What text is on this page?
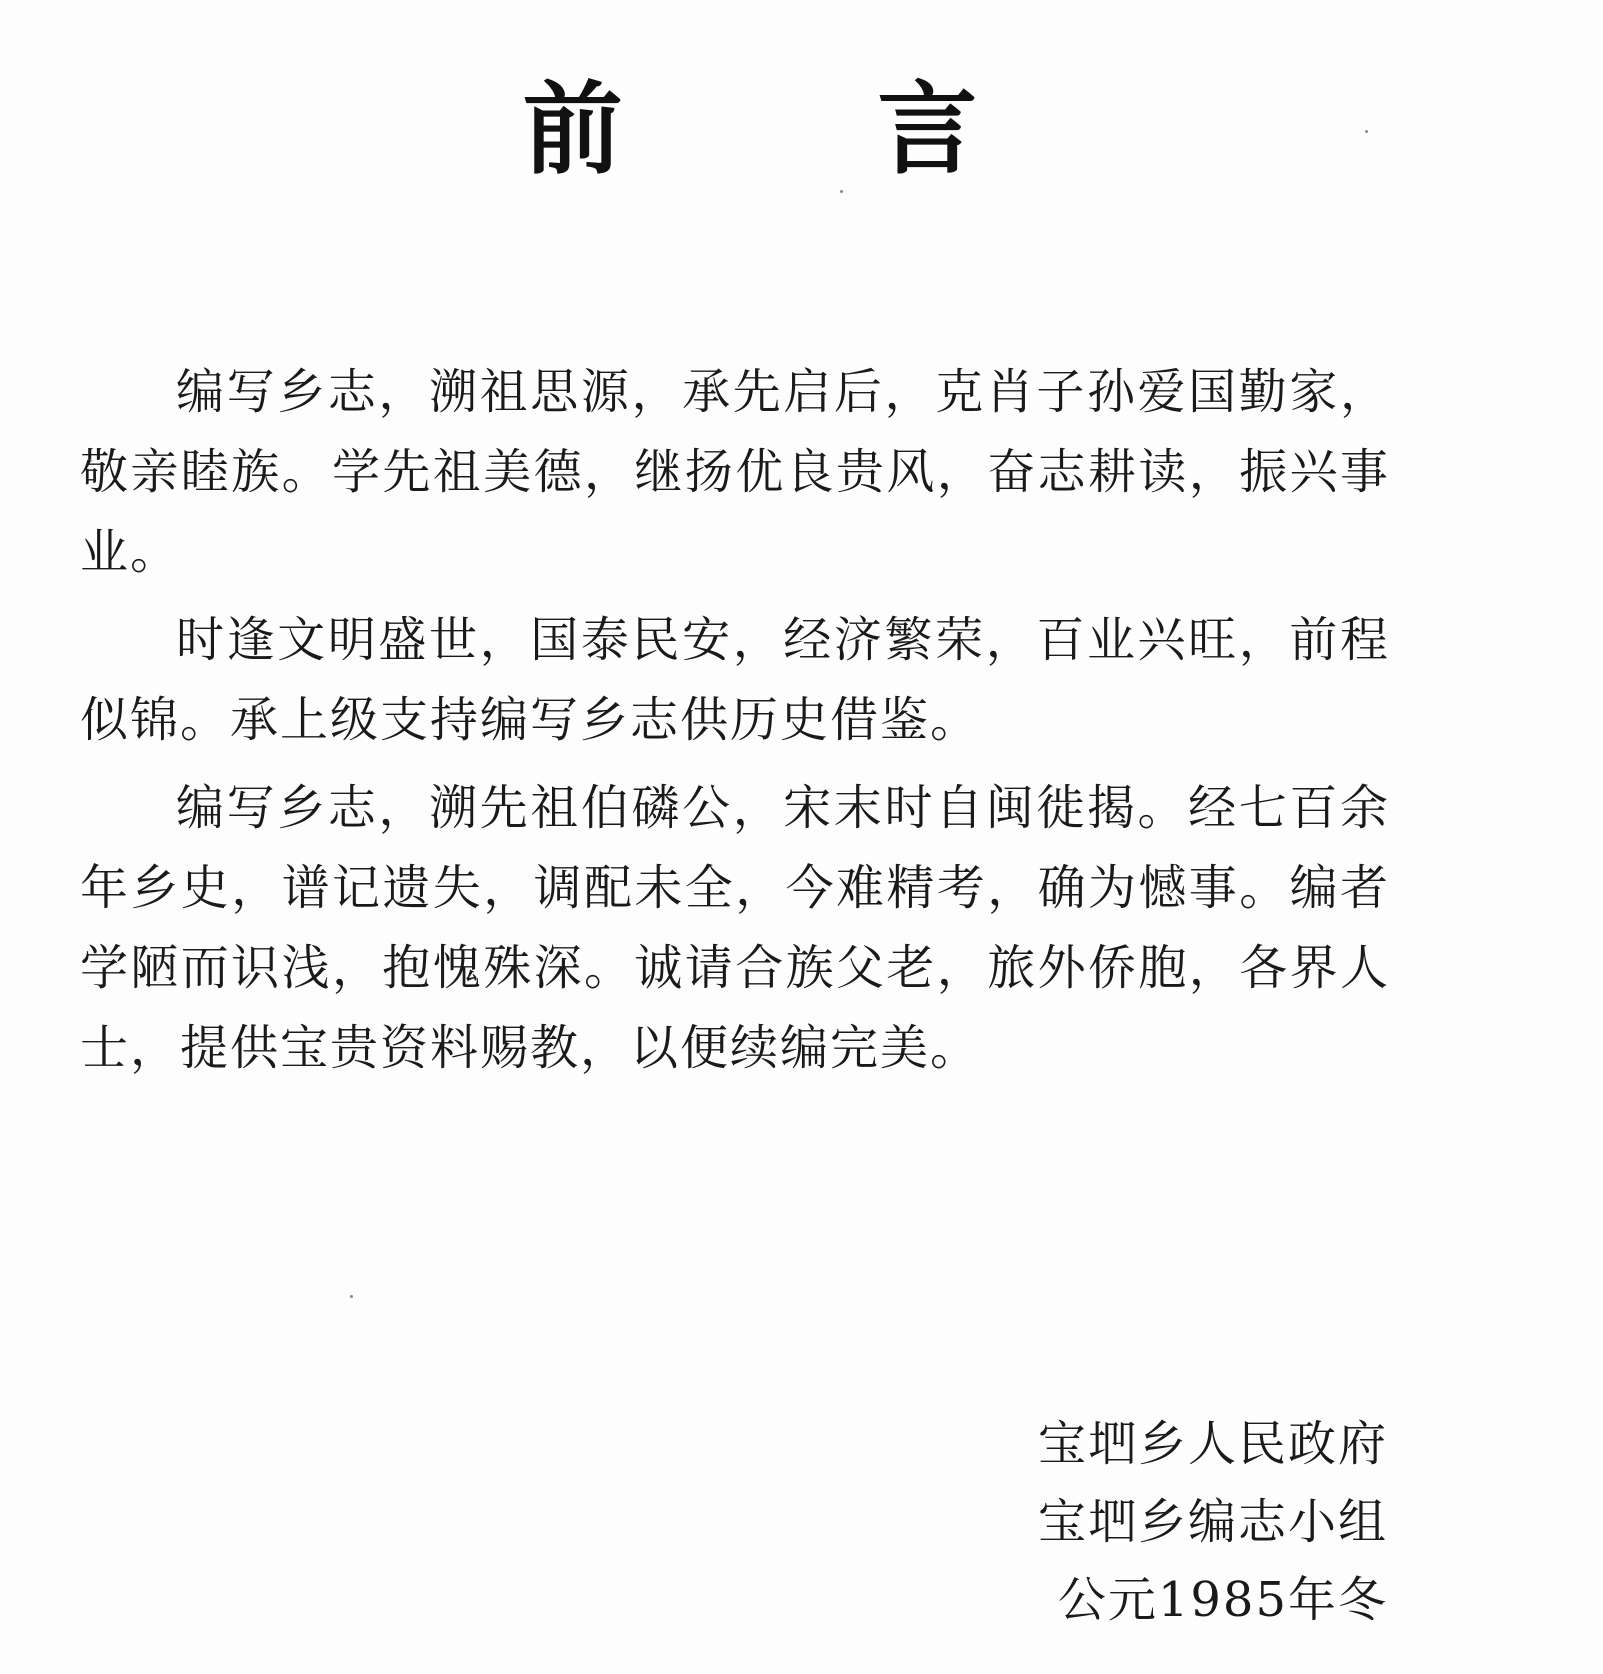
前 言

编写乡志，溯祖思源，承先启后，克肖子孙爱国勤家，敬亲睦族。学先祖美德，继扬优良贵风，奋志耕读，振兴事业。

时逢文明盛世，国泰民安，经济繁荣，百业兴旺，前程似锦。承上级支持编写乡志供历史借鉴。

编写乡志，溯先祖伯磷公，宋末时自闽徙揭。经七百余年乡史，谱记遗失，调配未全，今难精考，确为憾事。编者学陋而识浅，抱愧殊深。诚请合族父老，旅外侨胞，各界人士，提供宝贵资料赐教，以便续编完美。

宝垇乡人民政府
宝垇乡编志小组
公元1985年冬
